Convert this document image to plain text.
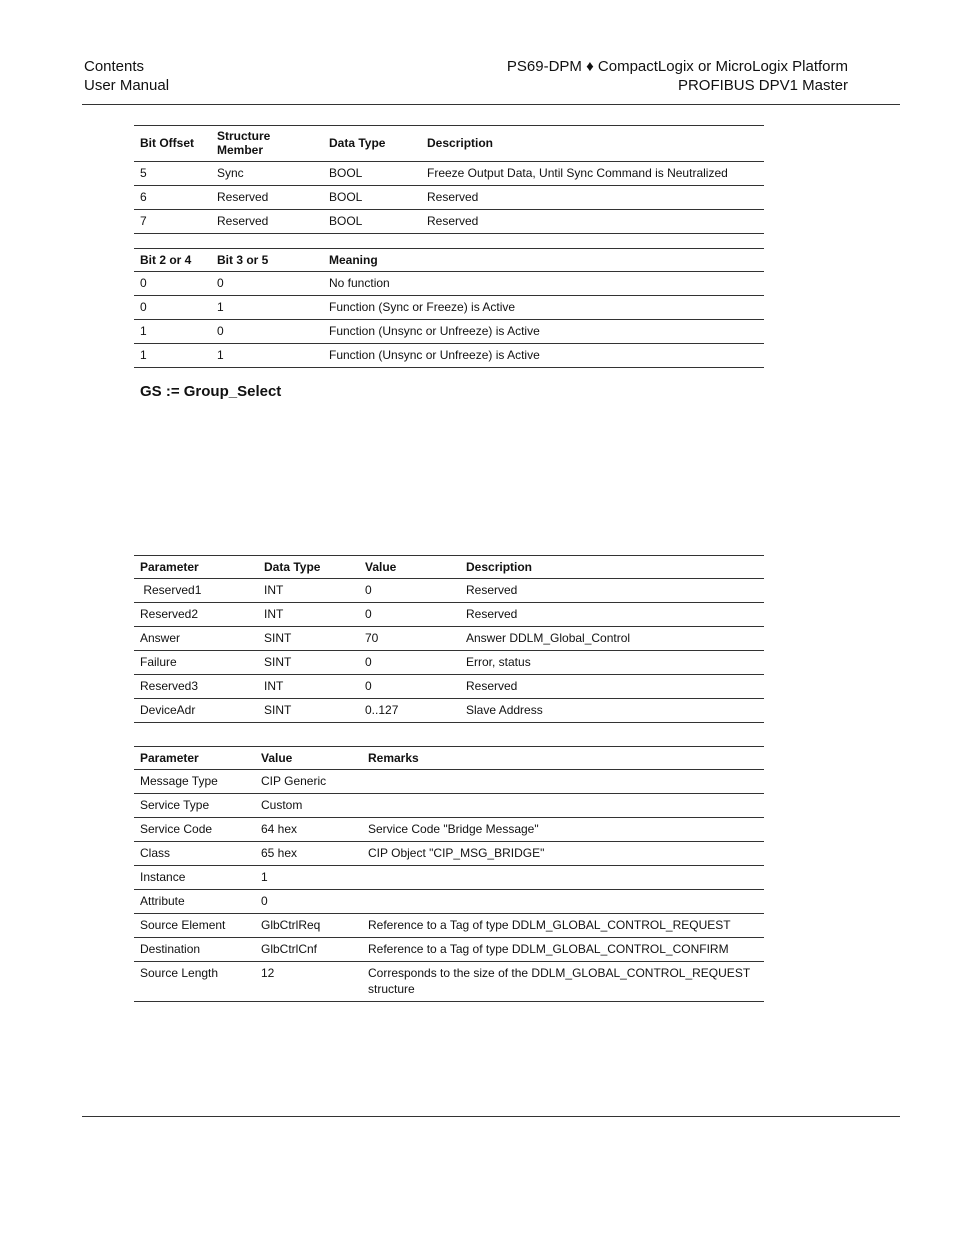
Contents
User Manual
PS69-DPM ♦ CompactLogix or MicroLogix Platform
PROFIBUS DPV1 Master
Bit Offset	Structure Member	Data Type	Description
5	Sync	BOOL	Freeze Output Data, Until Sync Command is Neutralized
6	Reserved	BOOL	Reserved
7	Reserved	BOOL	Reserved
Bit 2 or 4	Bit 3 or 5	Meaning
0	0	No function
0	1	Function (Sync or Freeze) is Active
1	0	Function (Unsync or Unfreeze) is Active
1	1	Function (Unsync or Unfreeze) is Active
GS := Group_Select
Parameter	Data Type	Value	Description
Reserved1	INT	0	Reserved
Reserved2	INT	0	Reserved
Answer	SINT	70	Answer DDLM_Global_Control
Failure	SINT	0	Error, status
Reserved3	INT	0	Reserved
DeviceAdr	SINT	0..127	Slave Address
Parameter	Value	Remarks
Message Type	CIP Generic	
Service Type	Custom	
Service Code	64 hex	Service Code "Bridge Message"
Class	65 hex	CIP Object "CIP_MSG_BRIDGE"
Instance	1	
Attribute	0	
Source Element	GlbCtrlReq	Reference to a Tag of type DDLM_GLOBAL_CONTROL_REQUEST
Destination	GlbCtrlCnf	Reference to a Tag of type DDLM_GLOBAL_CONTROL_CONFIRM
Source Length	12	Corresponds to the size of the DDLM_GLOBAL_CONTROL_REQUEST structure
